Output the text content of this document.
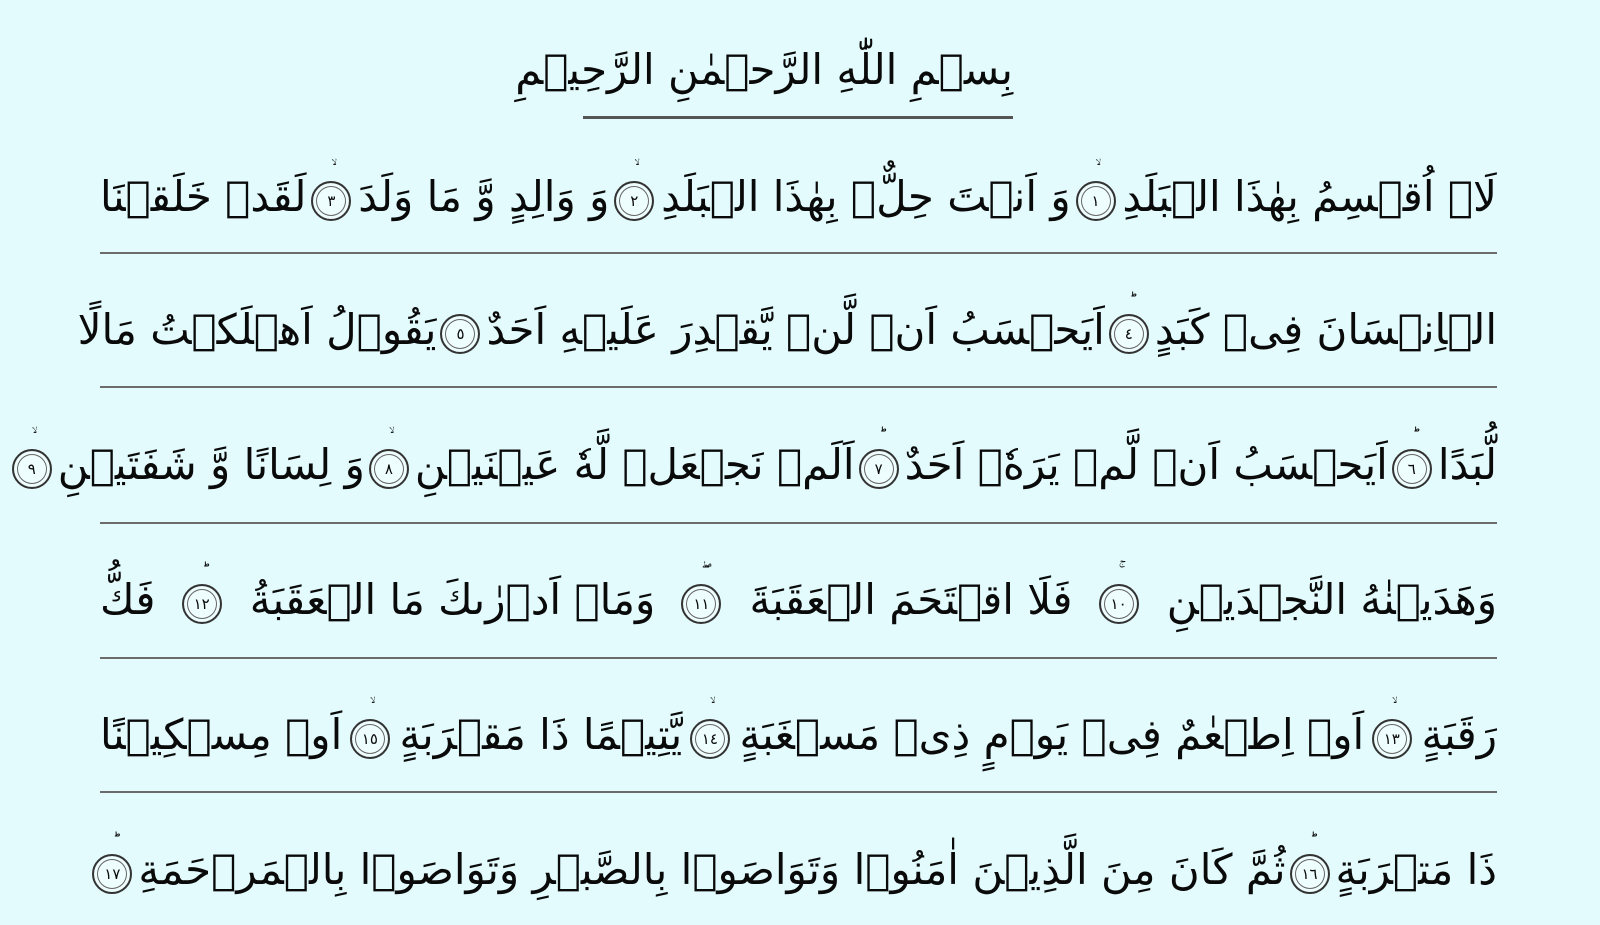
بِسۡمِ اللّٰهِ الرَّحۡمٰنِ الرَّحِيۡمِ
لَاۤ اُقۡسِمُ بِهٰذَا الۡبَلَدِ
١
وَ اَنۡتَ حِلٌّۢ بِهٰذَا الۡبَلَدِ
٢
وَ وَالِدٍ وَّ مَا وَلَدَ
٣
لَقَدۡ خَلَقۡنَا
الۡاِنۡسَانَ فِىۡ كَبَدٍ
٤
اَيَحۡسَبُ اَنۡ لَّنۡ يَّقۡدِرَ عَلَيۡهِ اَحَدٌ
٥
يَقُوۡلُ اَهۡلَكۡتُ مَالًا
لُّبَدًا
٦
اَيَحۡسَبُ اَنۡ لَّمۡ يَرَهٗۤ اَحَدٌ
٧
اَلَمۡ نَجۡعَلۡ لَّهٗ عَيۡنَيۡنِ
٨
وَ لِسَانًا وَّ شَفَتَيۡنِ
٩
وَهَدَيۡنٰهُ النَّجۡدَيۡنِ
١٠
فَلَا اقۡتَحَمَ الۡعَقَبَةَ
١١
وَمَاۤ اَدۡرٰٮكَ مَا الۡعَقَبَةُ
١٢
فَكُّ
رَقَبَةٍ
١٣
اَوۡ اِطۡعٰمٌ فِىۡ يَوۡمٍ ذِىۡ مَسۡغَبَةٍ
١٤
يَّتِيۡمًا ذَا مَقۡرَبَةٍ
١٥
اَوۡ مِسۡكِيۡنًا
ذَا مَتۡرَبَةٍ
١٦
ثُمَّ كَانَ مِنَ الَّذِيۡنَ اٰمَنُوۡا وَتَوَاصَوۡا بِالصَّبۡرِ وَتَوَاصَوۡا بِالۡمَرۡحَمَةِ
١٧
